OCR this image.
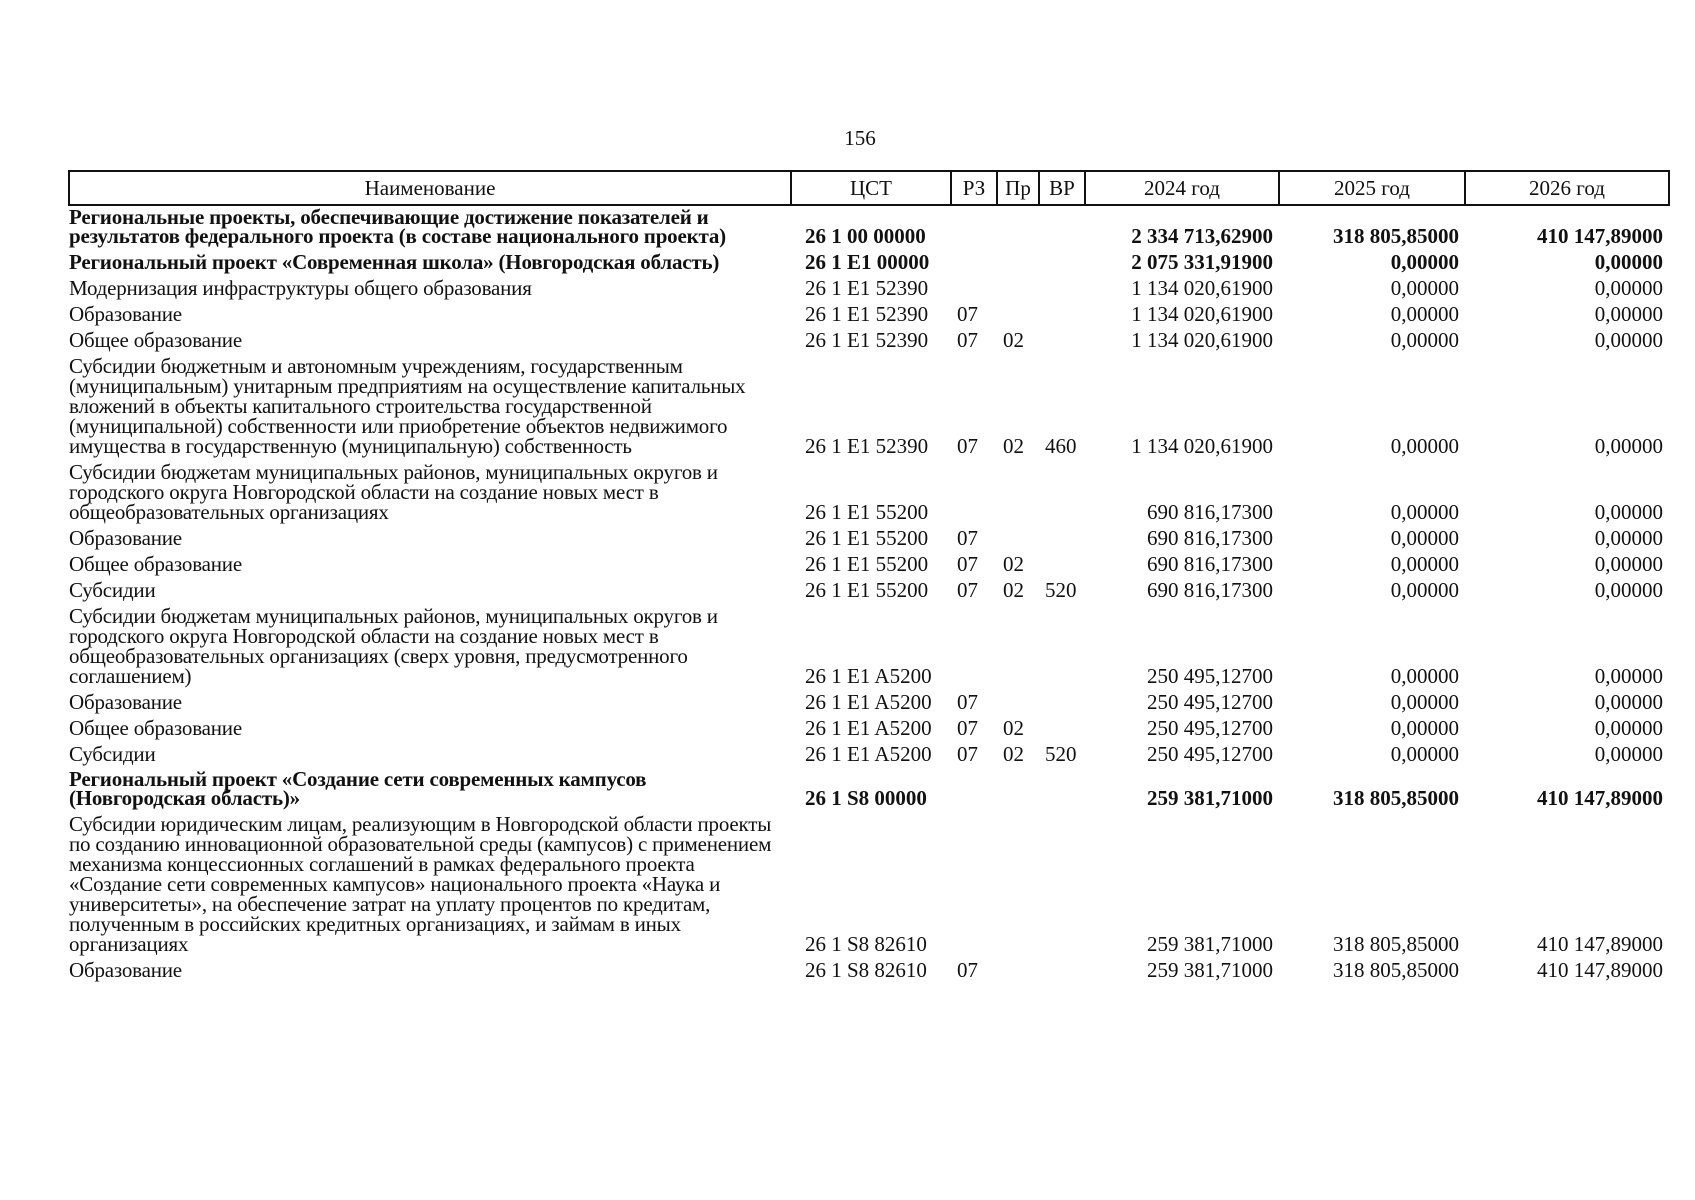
156
Наименование	ЦСТ	РЗ	Пр	ВР	2024 год	2025 год	2026 год
Региональные проекты, обеспечивающие достижение показателей и результатов федерального проекта (в составе национального проекта)	26 1 00 00000				2 334 713,62900	318 805,85000	410 147,89000
Региональный проект «Современная школа» (Новгородская область)	26 1 E1 00000				2 075 331,91900	0,00000	0,00000
Модернизация инфраструктуры общего образования	26 1 E1 52390				1 134 020,61900	0,00000	0,00000
Образование	26 1 E1 52390	07			1 134 020,61900	0,00000	0,00000
Общее образование	26 1 E1 52390	07	02		1 134 020,61900	0,00000	0,00000
Субсидии бюджетным и автономным учреждениям, государственным (муниципальным) унитарным предприятиям на осуществление капитальных вложений в объекты капитального строительства государственной (муниципальной) собственности или приобретение объектов недвижимого имущества в государственную (муниципальную) собственность	26 1 E1 52390	07	02	460	1 134 020,61900	0,00000	0,00000
Субсидии бюджетам муниципальных районов, муниципальных округов и городского округа Новгородской области на создание новых мест в общеобразовательных организациях	26 1 E1 55200				690 816,17300	0,00000	0,00000
Образование	26 1 E1 55200	07			690 816,17300	0,00000	0,00000
Общее образование	26 1 E1 55200	07	02		690 816,17300	0,00000	0,00000
Субсидии	26 1 E1 55200	07	02	520	690 816,17300	0,00000	0,00000
Субсидии бюджетам муниципальных районов, муниципальных округов и городского округа Новгородской области на создание новых мест в общеобразовательных организациях (сверх уровня, предусмотренного соглашением)	26 1 E1 A5200				250 495,12700	0,00000	0,00000
Образование	26 1 E1 A5200	07			250 495,12700	0,00000	0,00000
Общее образование	26 1 E1 A5200	07	02		250 495,12700	0,00000	0,00000
Субсидии	26 1 E1 A5200	07	02	520	250 495,12700	0,00000	0,00000
Региональный проект «Создание сети современных кампусов (Новгородская область)»	26 1 S8 00000				259 381,71000	318 805,85000	410 147,89000
Субсидии юридическим лицам, реализующим в Новгородской области проекты по созданию инновационной образовательной среды (кампусов) с применением механизма концессионных соглашений в рамках федерального проекта «Создание сети современных кампусов» национального проекта «Наука и университеты», на обеспечение затрат на уплату процентов по кредитам, полученным в российских кредитных организациях, и займам в иных организациях	26 1 S8 82610				259 381,71000	318 805,85000	410 147,89000
Образование	26 1 S8 82610	07			259 381,71000	318 805,85000	410 147,89000
